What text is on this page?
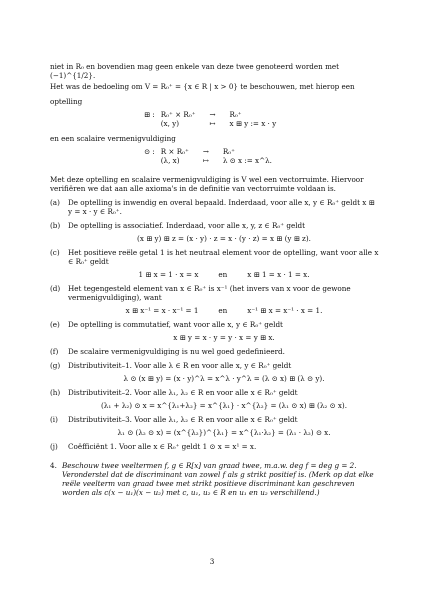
niet in R₀ en bovendien mag geen enkele van deze twee genoteerd worden met (−1)^{1/2}.

Het was de bedoeling om V = R₀⁺ = {x ∈ R | x > 0} te beschouwen, met hierop een

optelling

⊞ :	R₀⁺ × R₀⁺	→	R₀⁺
	(x, y)	↦	x ⊞ y := x · y

en een scalaire vermenigvuldiging

⊙ :	R × R₀⁺	→	R₀⁺
	(λ, x)	↦	λ ⊙ x := x^λ.

Met deze optelling en scalaire vermenigvuldiging is V wel een vectorruimte. Hiervoor verifiëren we dat aan alle axioma's in de definitie van vectorruimte voldaan is.

(a) De optelling is inwendig en overal bepaald. Inderdaad, voor alle x, y ∈ R₀⁺ geldt x ⊞ y = x · y ∈ R₀⁺.

(b) De optelling is associatief. Inderdaad, voor alle x, y, z ∈ R₀⁺ geldt

(x ⊞ y) ⊞ z = (x · y) · z = x · (y · z) = x ⊞ (y ⊞ z).
(c) Het positieve reële getal 1 is het neutraal element voor de optelling, want voor alle x ∈ R₀⁺ geldt

1 ⊞ x = 1 · x = x	en	x ⊞ 1 = x · 1 = x.
(d) Het tegengesteld element van x ∈ R₀⁺ is x⁻¹ (het invers van x voor de gewone vermenigvuldiging), want

x ⊞ x⁻¹ = x · x⁻¹ = 1	en	x⁻¹ ⊞ x = x⁻¹ · x = 1.
(e) De optelling is commutatief, want voor alle x, y ∈ R₀⁺ geldt

x ⊞ y = x · y = y · x = y ⊞ x.
(f) De scalaire vermenigvuldiging is nu wel goed gedefinieerd.

(g) Distributiviteit–1. Voor alle λ ∈ R en voor alle x, y ∈ R₀⁺ geldt

λ ⊙ (x ⊞ y) = (x · y)^λ = x^λ · y^λ = (λ ⊙ x) ⊞ (λ ⊙ y).
(h) Distributiviteit–2. Voor alle λ₁, λ₂ ∈ R en voor alle x ∈ R₀⁺ geldt

(λ₁ + λ₂) ⊙ x = x^{λ₁+λ₂} = x^{λ₁} · x^{λ₂} = (λ₁ ⊙ x) ⊞ (λ₂ ⊙ x).
(i) Distributiviteit–3. Voor alle λ₁, λ₂ ∈ R en voor alle x ∈ R₀⁺ geldt

λ₁ ⊙ (λ₂ ⊙ x) = (x^{λ₂})^{λ₁} = x^{λ₁·λ₂} = (λ₁ · λ₂) ⊙ x.
(j) Coëfficiënt 1. Voor alle x ∈ R₀⁺ geldt 1 ⊙ x = x¹ = x.

4. Beschouw twee veeltermen f, g ∈ R[x] van graad twee, m.a.w. deg f = deg g = 2. Veronderstel dat de discriminant van zowel f als g strikt positief is. (Merk op dat elke reële veelterm van graad twee met strikt positieve discriminant kan geschreven worden als c(x − u₁)(x − u₂) met c, u₁, u₂ ∈ R en u₁ en u₂ verschillend.)

3
